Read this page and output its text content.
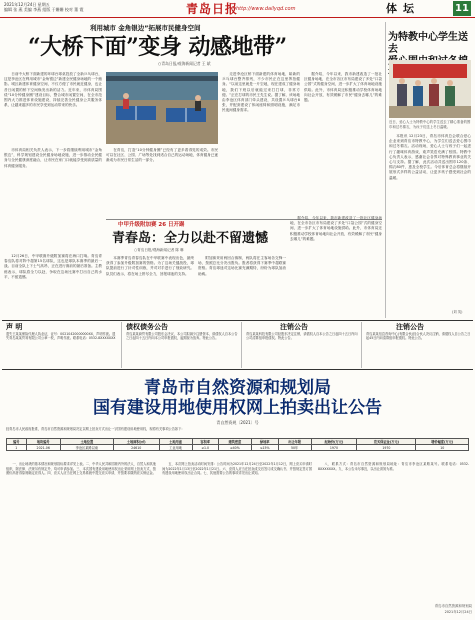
2021年12月24日 星期五
编辑 张 燕 美编 李燕 组版 于姗姗 校对 董 霞	青岛日报
http://www.dailyqd.com	体坛	11
利用城市 金角银边”拓展市民健身空间
“大桥下面”变身 动感地带”
○青岛日报/观海新闻记者 王 斌

日前中大桥下面新建的环球台球桌投放了全新乒乓球台，这是李沧区在利用城市“金角银边”新建全民健身场地的一个缩影。城区新建体育健身空间，不仅方便了市民就近健身，也让昔日闲置的桥下空间焕发出新的活力。近年来，市体育局围绕“10分钟健身圈”建设目标，整合城市闲置空间，在全市范围内大力推进体育设施建设，持续完善全民健身公共服务体系，让越来越多的市民享受到运动带来的快乐。

走进李沧区桥下面新建的体育场地，崭新的乒乓球台整齐排列，不少市民正在这里挥拍健身。“以前这里就是一片空地，现在建成了健身场地，我们下班以后就能过来打打球，非常方便。”正在打球的市民王先生说。据了解，该场地由李沧区体育部门牵头建设，共设置乒乓球台8张，并配套建设了休闲座椅和照明设施，满足市民夜间健身需求。

据介绍，今年以来，我市新建改造了一批社区健身场地，在全市各区市布局建设了多处“口袋公园”式的健身空间，进一步扩大了体育场地设施供给。此外，市体育局还积极推动学校体育场地向社会开放，有效缓解了市民“健身去哪儿”的难题。

市体育局相关负责人表示，下一步将继续利用城市“金角银边”，科学规划建设全民健身场地设施，进一步推动全民健身与全民健康深度融合，让市民在家门口就能享受到高质量的体育健身服务。

在青岛，打造“10分钟健身圈”已经有了更多看得见的成效。市民可以在社区、公园、广场等处找到适合自己的运动场地，体育健身已逐渐成为市民日常生活的一部分。

中甲升级附加赛 26 日开踢
青春岛：全力以赴不留遗憾
○青岛日报/观海新闻记者 陈 琳

12月26日，中甲联赛升级附加赛将在海口打响。青岛青春岛队将对阵中超第15名球队，这也是球队本赛季的最后一战。目前全队上下士气高昂，正在进行赛前的最后准备。主教练表示，球队将全力以赴，争取在这场比赛中打出自己的水平，不留遗憾。

本赛季青岛青春岛队在中甲联赛中表现出色，最终获得了参加升级附加赛的资格。为了这场关键战役，球队提前进行了针对性训练，并对对手进行了细致研究。队员们表示，将在场上拼尽全力，回报球迷的支持。

附加赛采用两回合赛制，两队将在主客场各交锋一场，按照总比分决出胜负。胜者将获得下赛季中超联赛资格。青岛球迷对这场比赛充满期待，纷纷为球队加油助威。

据介绍，今年以来，我市新建改造了一批社区健身场地，在全市各区市布局建设了多处“口袋公园”式的健身空间，进一步扩大了体育场地设施供给。此外，市体育局还积极推动学校体育场地向社会开放，有效缓解了市民“健身去哪儿”的难题。

为特教中心学生送去
近日，爱心人士为特教中心的学生送去了精心准备的围巾和过冬棉衣，为孩子们送上冬日温暖。

本报讯 12月23日，青岛市体育总会联合爱心企业来到青岛市特教中心，为学生们送去爱心围巾和过冬棉衣。活动现场，爱心人士与孩子们一起进行了趣味体育游戏，欢声笑语充满了校园。特教中心负责人表示，感谢社会各界对特殊教育事业的关心与支持。据了解，此次活动共送出围巾120条、棉衣80件，惠及全校学生。今后体育总会将继续开展形式多样的公益活动，让更多孩子感受到社会的温暖。

(刘 英)
声 明
遗失王某某保险代理人执业证，证号：00210420000000XX，声明作废。遗失青岛某某贸易有限公司公章一枚，声明作废。联系电话：0532-8XXXXXXX
债权债务公告
青岛某某商贸有限公司股东会决议，本公司拟减少注册资本，请债权人自本公告之日起四十五日内向本公司申报债权，逾期视为放弃。特此公告。
注销公告
青岛某某科技有限公司经股东决定注销，请债权人自本公告之日起四十五日内向公司清算组申报债权。特此公告。
注销公告
青岛某某信息咨询中心(有限合伙)经合伙人决议注销，请债权人自公告之日起45日内向清算组申报债权。特此公告。
青岛市自然资源和规划局
国有建设用地使用权网上拍卖出让公告
青自然资规〔2021〕号
经青岛市人民政府批准，青岛市自然资源和规划局决定以网上拍卖方式出让一宗国有建设用地使用权，现将有关事项公告如下：
编号	地块编号	土地位置	土地面积(㎡)	土地用途	容积率	建筑密度	绿地率	出让年限	起始价(万元)	竞买保证金(万元)	增价幅度(万元)
1	2021-06	李沧区某路以南	24610	工业用地	≥1.0	≥40%	≤15%	50年	1970	1970	10

一、出让地块的基本情况和规划指标要求详见上表。二、中华人民共和国境内外的法人、自然人和其他组织，除法律、法规另有规定外，均可申请参加。三、本次国有建设用地使用权出让采用网上拍卖方式，按照价高者得原则确定竞得人。四、竞买人应当在网上交易系统中提交竞买申请，并按要求缴纳竞买保证金。

五、本次网上拍卖活动时间安排：公告时间为2021年12月24日至2022年1月12日，网上竞买申请时间为2022年1月13日至2022年1月21日。六、竞得人应当在拍卖成交后签订成交确认书，并按规定签订国有建设用地使用权出让合同。七、其他需要公告的事项详见出让须知。

八、联系方式：青岛市自然资源和规划局地址：青岛市李沧区某路某号。联系电话：0532-8XXXXXXX。九、本公告未尽事宜，以出让须知为准。

青岛市自然资源和规划局
2021年12月24日
